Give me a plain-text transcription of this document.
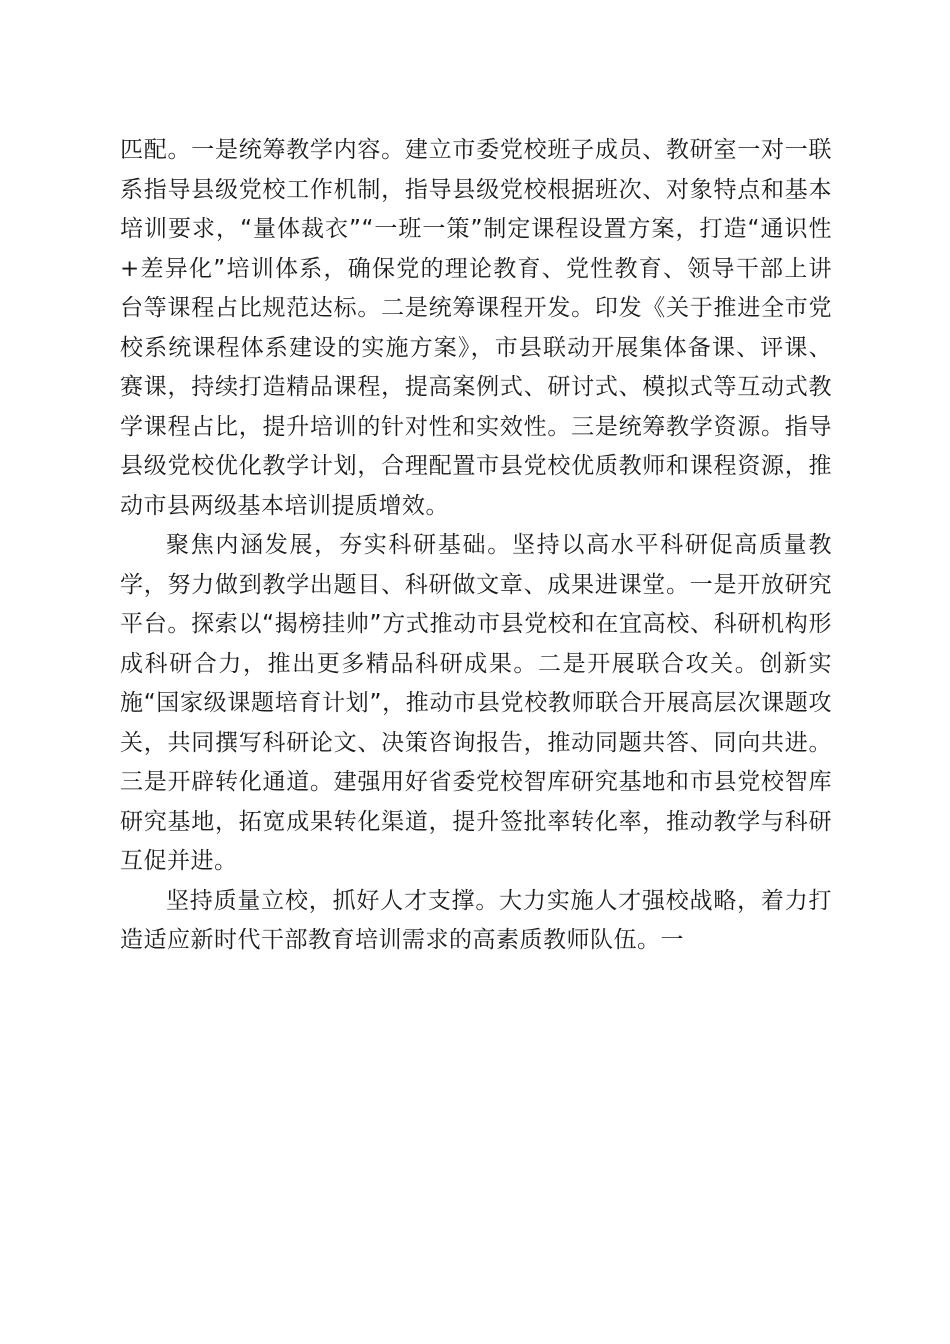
匹配。一是统筹教学内容。建立市委党校班子成员、教研室一对一联系指导县级党校工作机制，指导县级党校根据班次、对象特点和基本培训要求，“量体裁衣”“一班一策”制定课程设置方案，打造“通识性+差异化”培训体系，确保党的理论教育、党性教育、领导干部上讲台等课程占比规范达标。二是统筹课程开发。印发《关于推进全市党校系统课程体系建设的实施方案》，市县联动开展集体备课、评课、赛课，持续打造精品课程，提高案例式、研讨式、模拟式等互动式教学课程占比，提升培训的针对性和实效性。三是统筹教学资源。指导县级党校优化教学计划，合理配置市县党校优质教师和课程资源，推动市县两级基本培训提质增效。

聚焦内涵发展，夯实科研基础。坚持以高水平科研促高质量教学，努力做到教学出题目、科研做文章、成果进课堂。一是开放研究平台。探索以“揭榜挂帅”方式推动市县党校和在宜高校、科研机构形成科研合力，推出更多精品科研成果。二是开展联合攻关。创新实施“国家级课题培育计划”，推动市县党校教师联合开展高层次课题攻关，共同撰写科研论文、决策咨询报告，推动同题共答、同向共进。三是开辟转化通道。建强用好省委党校智库研究基地和市县党校智库研究基地，拓宽成果转化渠道，提升签批率转化率，推动教学与科研互促并进。

坚持质量立校，抓好人才支撑。大力实施人才强校战略，着力打造适应新时代干部教育培训需求的高素质教师队伍。一
